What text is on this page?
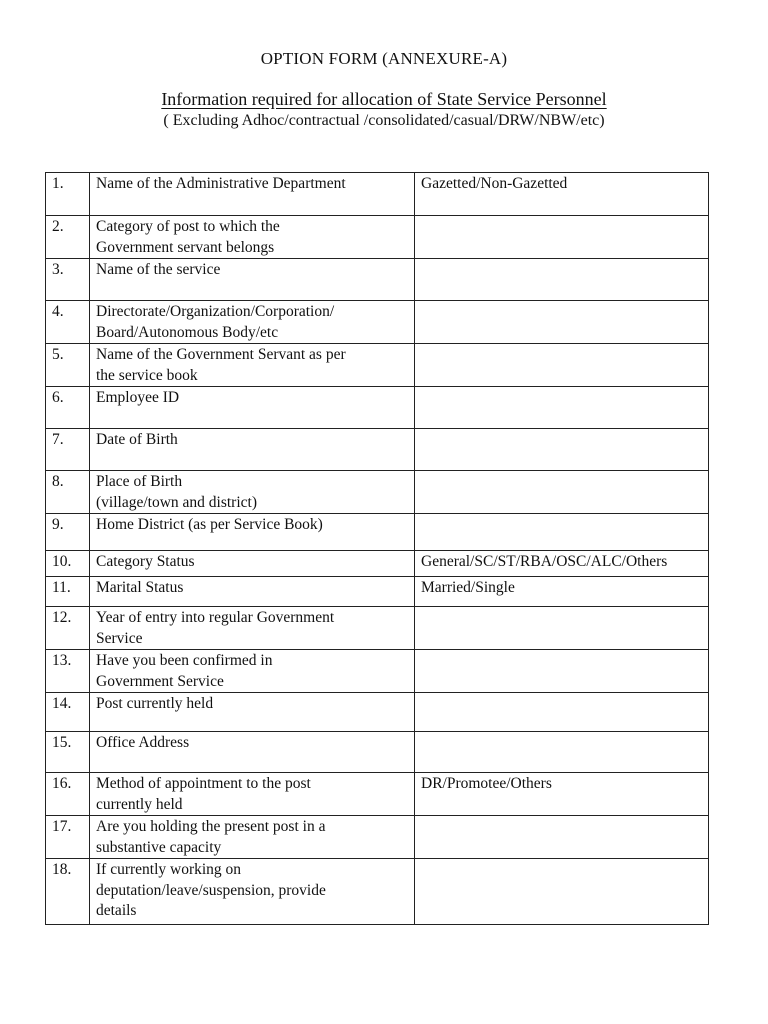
OPTION FORM (ANNEXURE-A)
Information required for allocation of State Service Personnel
( Excluding Adhoc/contractual /consolidated/casual/DRW/NBW/etc)
1.	Name of the Administrative Department	Gazetted/Non-Gazetted
2.	Category of post to which the
Government servant belongs	
3.	Name of the service	
4.	Directorate/Organization/Corporation/
Board/Autonomous Body/etc	
5.	Name of the Government Servant as per
the service book	
6.	Employee ID	
7.	Date of Birth	
8.	Place of Birth
(village/town and district)	
9.	Home District (as per Service Book)	
10.	Category Status	General/SC/ST/RBA/OSC/ALC/Others
11.	Marital Status	Married/Single
12.	Year of entry into regular Government
Service	
13.	Have you been confirmed in
Government Service	
14.	Post currently held	
15.	Office Address	
16.	Method of appointment to the post
currently held	DR/Promotee/Others
17.	Are you holding the present post in a
substantive capacity	
18.	If currently working on
deputation/leave/suspension, provide
details	
